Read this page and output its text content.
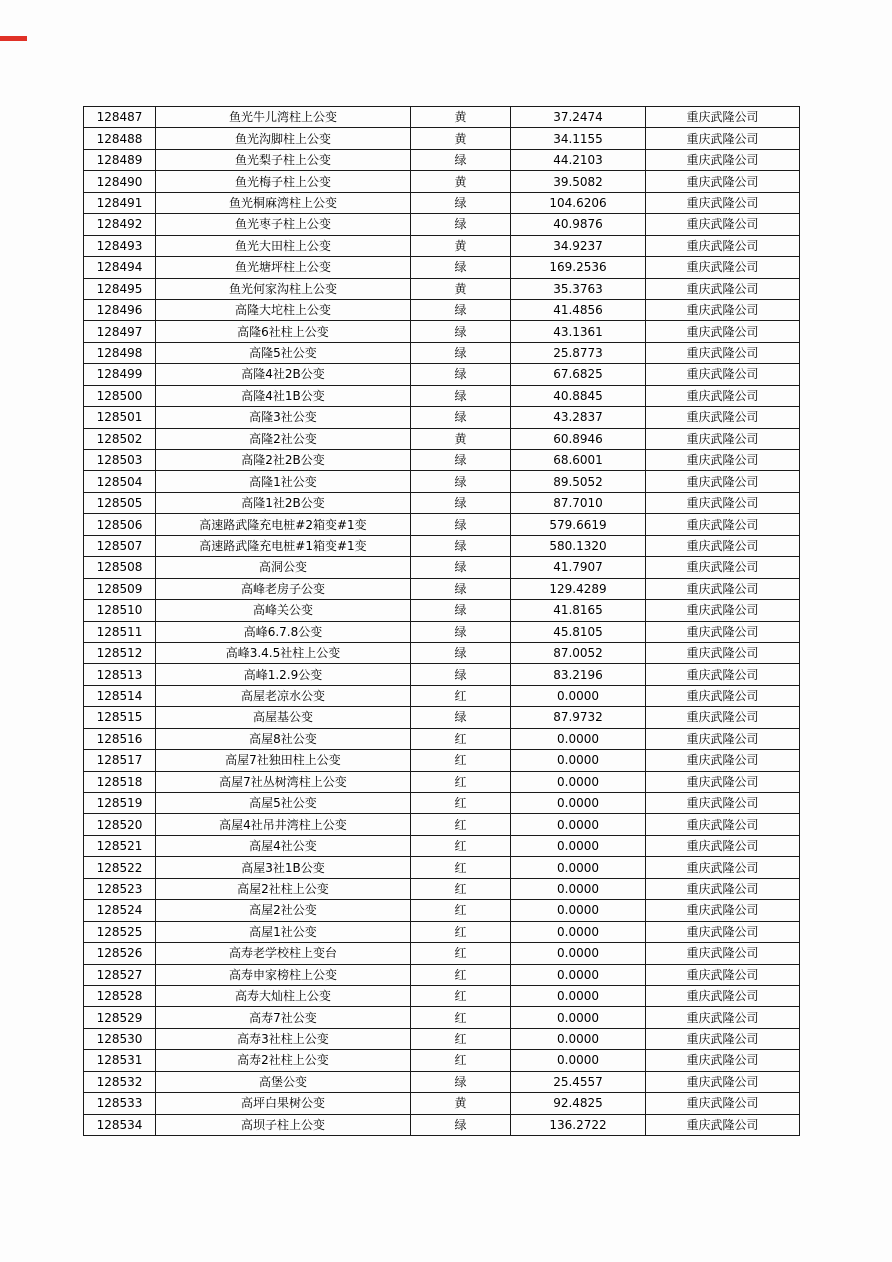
128487	鱼光牛儿湾柱上公变	黄	37.2474	重庆武隆公司
128488	鱼光沟脚柱上公变	黄	34.1155	重庆武隆公司
128489	鱼光梨子柱上公变	绿	44.2103	重庆武隆公司
128490	鱼光梅子柱上公变	黄	39.5082	重庆武隆公司
128491	鱼光桐麻湾柱上公变	绿	104.6206	重庆武隆公司
128492	鱼光枣子柱上公变	绿	40.9876	重庆武隆公司
128493	鱼光大田柱上公变	黄	34.9237	重庆武隆公司
128494	鱼光塘坪柱上公变	绿	169.2536	重庆武隆公司
128495	鱼光何家沟柱上公变	黄	35.3763	重庆武隆公司
128496	高隆大坨柱上公变	绿	41.4856	重庆武隆公司
128497	高隆6社柱上公变	绿	43.1361	重庆武隆公司
128498	高隆5社公变	绿	25.8773	重庆武隆公司
128499	高隆4社2B公变	绿	67.6825	重庆武隆公司
128500	高隆4社1B公变	绿	40.8845	重庆武隆公司
128501	高隆3社公变	绿	43.2837	重庆武隆公司
128502	高隆2社公变	黄	60.8946	重庆武隆公司
128503	高隆2社2B公变	绿	68.6001	重庆武隆公司
128504	高隆1社公变	绿	89.5052	重庆武隆公司
128505	高隆1社2B公变	绿	87.7010	重庆武隆公司
128506	高速路武隆充电桩#2箱变#1变	绿	579.6619	重庆武隆公司
128507	高速路武隆充电桩#1箱变#1变	绿	580.1320	重庆武隆公司
128508	高洞公变	绿	41.7907	重庆武隆公司
128509	高峰老房子公变	绿	129.4289	重庆武隆公司
128510	高峰关公变	绿	41.8165	重庆武隆公司
128511	高峰6.7.8公变	绿	45.8105	重庆武隆公司
128512	高峰3.4.5社柱上公变	绿	87.0052	重庆武隆公司
128513	高峰1.2.9公变	绿	83.2196	重庆武隆公司
128514	高屋老凉水公变	红	0.0000	重庆武隆公司
128515	高屋基公变	绿	87.9732	重庆武隆公司
128516	高屋8社公变	红	0.0000	重庆武隆公司
128517	高屋7社独田柱上公变	红	0.0000	重庆武隆公司
128518	高屋7社丛树湾柱上公变	红	0.0000	重庆武隆公司
128519	高屋5社公变	红	0.0000	重庆武隆公司
128520	高屋4社吊井湾柱上公变	红	0.0000	重庆武隆公司
128521	高屋4社公变	红	0.0000	重庆武隆公司
128522	高屋3社1B公变	红	0.0000	重庆武隆公司
128523	高屋2社柱上公变	红	0.0000	重庆武隆公司
128524	高屋2社公变	红	0.0000	重庆武隆公司
128525	高屋1社公变	红	0.0000	重庆武隆公司
128526	高寿老学校柱上变台	红	0.0000	重庆武隆公司
128527	高寿申家榜柱上公变	红	0.0000	重庆武隆公司
128528	高寿大灿柱上公变	红	0.0000	重庆武隆公司
128529	高寿7社公变	红	0.0000	重庆武隆公司
128530	高寿3社柱上公变	红	0.0000	重庆武隆公司
128531	高寿2社柱上公变	红	0.0000	重庆武隆公司
128532	高堡公变	绿	25.4557	重庆武隆公司
128533	高坪白果树公变	黄	92.4825	重庆武隆公司
128534	高坝子柱上公变	绿	136.2722	重庆武隆公司
